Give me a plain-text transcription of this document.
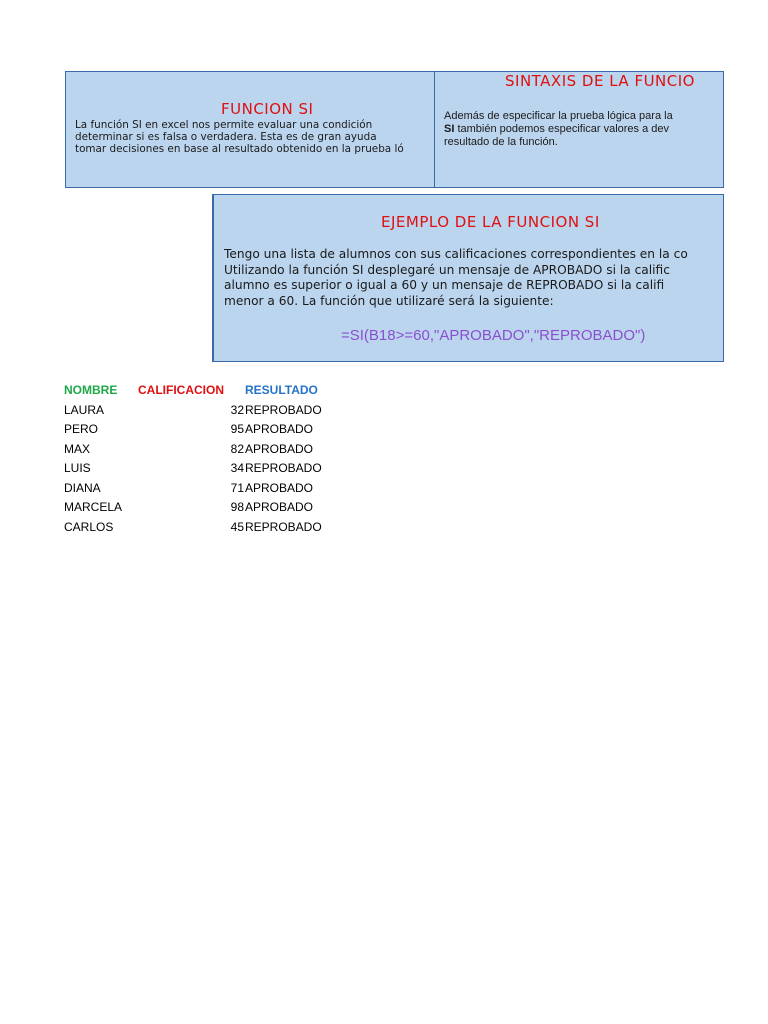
FUNCION SI
La función SI en excel nos permite evaluar una condición
determinar si es falsa o verdadera. Esta es de gran ayuda
tomar decisiones en base al resultado obtenido en la prueba ló
SINTAXIS DE LA FUNCIO
Además de especificar la prueba lógica para la
SI también podemos especificar valores a dev
resultado de la función.
EJEMPLO DE LA FUNCION SI
Tengo una lista de alumnos con sus calificaciones correspondientes en la co
Utilizando la función SI desplegaré un mensaje de APROBADO si la calific
alumno es superior o igual a 60 y un mensaje de REPROBADO si la califi
menor a 60. La función que utilizaré será la siguiente:
=SI(B18>=60,"APROBADO","REPROBADO")
NOMBRE CALIFICACION RESULTADO
LAURA	32 REPROBADO
PERO	95 APROBADO
MAX	82 APROBADO
LUIS	34 REPROBADO
DIANA	71 APROBADO
MARCELA	98 APROBADO
CARLOS	45 REPROBADO
